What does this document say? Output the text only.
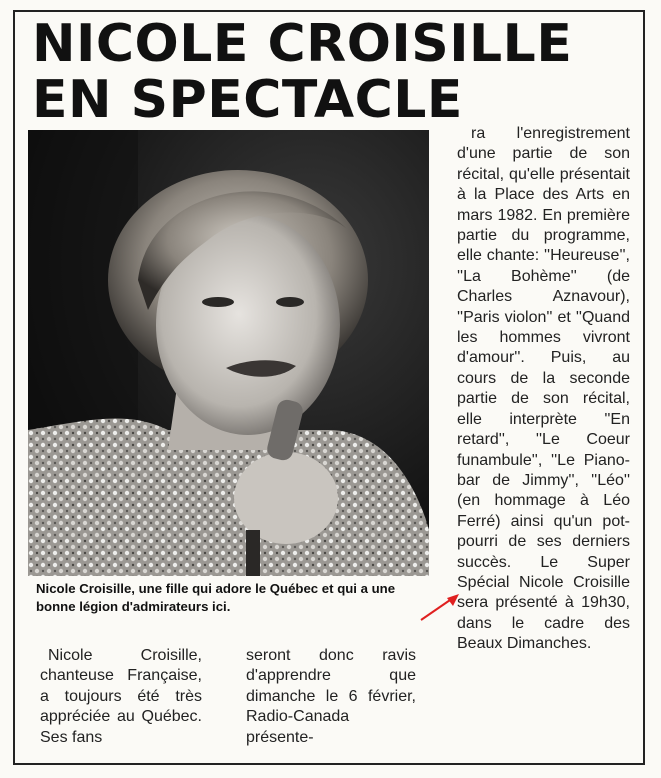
NICOLE CROISILLE
EN SPECTACLE

Nicole Croisille, une fille qui adore le Québec et qui a une bonne légion d'admirateurs ici.

Nicole Croisille, chanteuse Française, a toujours été très appréciée au Québec. Ses fans

seront donc ravis d'apprendre que dimanche le 6 février, Radio-Canada présente-

ra l'enregistrement d'une partie de son récital, qu'elle présentait à la Place des Arts en mars 1982. En première partie du programme, elle chante: ''Heureuse'', ''La Bohème'' (de Charles Aznavour), ''Paris violon'' et ''Quand les hommes vivront d'amour''. Puis, au cours de la seconde partie de son récital, elle interprète ''En retard'', ''Le Coeur funambule'', ''Le Piano-bar de Jimmy'', ''Léo'' (en hommage à Léo Ferré) ainsi qu'un pot-pourri de ses derniers succès. Le Super Spécial Nicole Croisille sera présenté à 19h30, dans le cadre des Beaux Dimanches.
